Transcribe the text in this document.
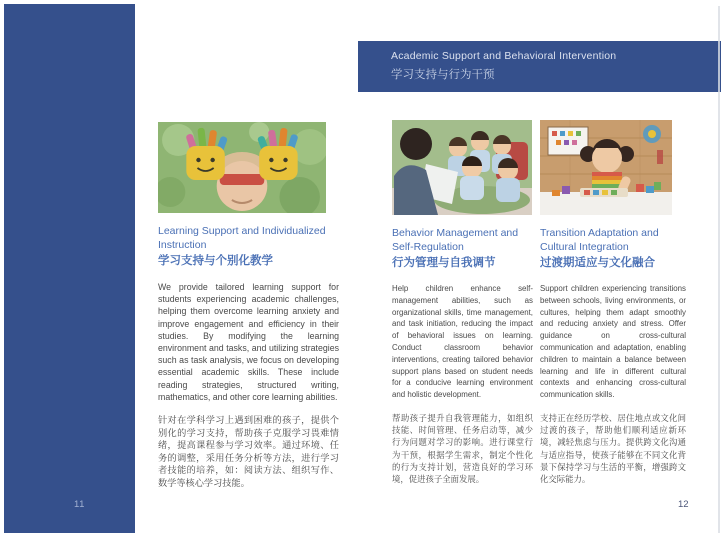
11

Academic Support and Behavioral Intervention

学习支持与行为干预

Learning Support and Individualized Instruction
学习支持与个别化教学

We provide tailored learning support for students experiencing academic challenges, helping them overcome learning anxiety and improve engagement and efficiency in their studies. By modifying the learning environment and tasks, and utilizing strategies such as task analysis, we focus on developing essential academic skills. These include reading strategies, structured writing, mathematics, and other core learning abilities.

针对在学科学习上遇到困难的孩子，提供个别化的学习支持，帮助孩子克服学习畏难情绪，提高课程参与学习效率。通过环境、任务的调整，采用任务分析等方法，进行学习者技能的培养，如：阅读方法、组织写作、数学等核心学习技能。

Behavior Management and Self-Regulation
行为管理与自我调节

Help children enhance self-management abilities, such as organizational skills, time management, and task initiation, reducing the impact of behavioral issues on learning. Conduct classroom behavior interventions, creating tailored behavior support plans based on student needs for a conducive learning environment and holistic development.

帮助孩子提升自我管理能力，如组织技能、时间管理、任务启动等，减少行为问题对学习的影响。进行课堂行为干预，根据学生需求，制定个性化的行为支持计划，营造良好的学习环境，促进孩子全面发展。

Transition Adaptation and Cultural Integration
过渡期适应与文化融合

Support children experiencing transitions between schools, living environments, or cultures, helping them adapt smoothly and reducing anxiety and stress. Offer guidance on cross-cultural communication and adaptation, enabling children to maintain a balance between learning and life in different cultural contexts and enhancing cross-cultural communication skills.

支持正在经历学校、居住地点或文化间过渡的孩子，帮助他们顺利适应新环境，减轻焦虑与压力。提供跨文化沟通与适应指导，使孩子能够在不同文化背景下保持学习与生活的平衡，增强跨文化交际能力。

12
